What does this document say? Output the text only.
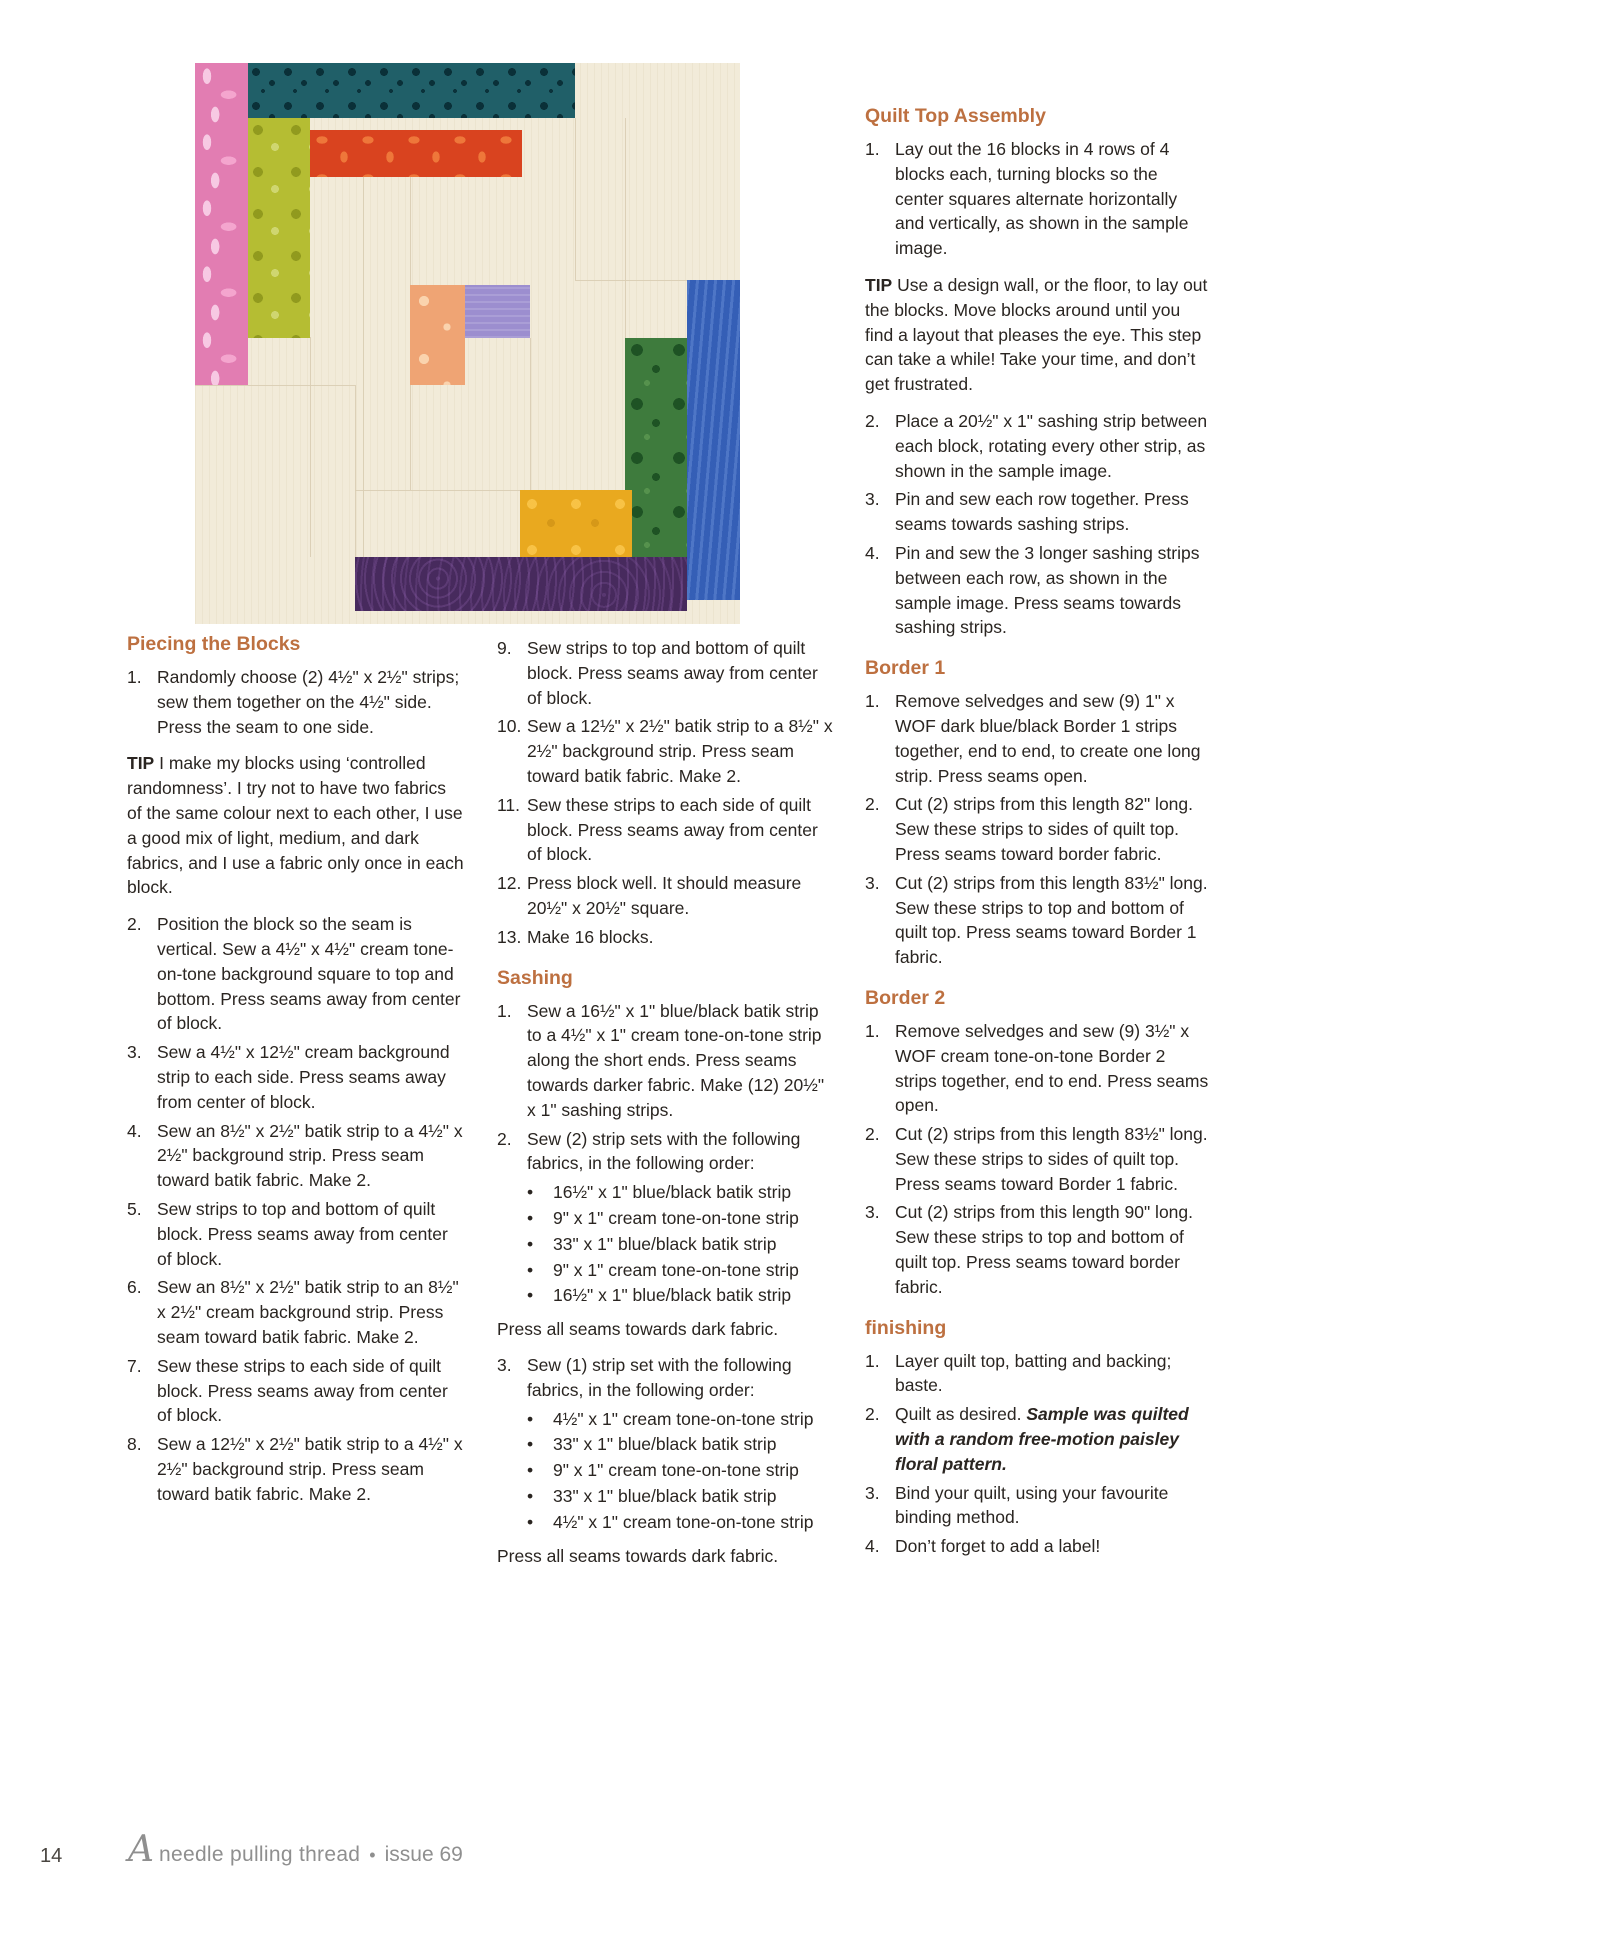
Piecing the Blocks
1. Randomly choose (2) 4½" x 2½" strips; sew them together on the 4½" side. Press the seam to one side.

TIP I make my blocks using ‘controlled randomness’. I try not to have two fabrics of the same colour next to each other, I use a good mix of light, medium, and dark fabrics, and I use a fabric only once in each block.

2. Position the block so the seam is vertical. Sew a 4½" x 4½" cream tone-on-tone background square to top and bottom. Press seams away from center of block.
3. Sew a 4½" x 12½" cream background strip to each side. Press seams away from center of block.
4. Sew an 8½" x 2½" batik strip to a 4½" x 2½" background strip. Press seam toward batik fabric. Make 2.
5. Sew strips to top and bottom of quilt block. Press seams away from center of block.
6. Sew an 8½" x 2½" batik strip to an 8½" x 2½" cream background strip. Press seam toward batik fabric. Make 2.
7. Sew these strips to each side of quilt block. Press seams away from center of block.
8. Sew a 12½" x 2½" batik strip to a 4½" x 2½" background strip. Press seam toward batik fabric. Make 2.
9. Sew strips to top and bottom of quilt block. Press seams away from center of block.
10. Sew a 12½" x 2½" batik strip to a 8½" x 2½" background strip. Press seam toward batik fabric. Make 2.
11. Sew these strips to each side of quilt block. Press seams away from center of block.
12. Press block well. It should measure 20½" x 20½" square.
13. Make 16 blocks.
Sashing
1. Sew a 16½" x 1" blue/black batik strip to a 4½" x 1" cream tone-on-tone strip along the short ends. Press seams towards darker fabric. Make (12) 20½" x 1" sashing strips.
2. Sew (2) strip sets with the following fabrics, in the following order:
•	16½" x 1" blue/black batik strip
•	9" x 1" cream tone-on-tone strip
•	33" x 1" blue/black batik strip
•	9" x 1" cream tone-on-tone strip
•	16½" x 1" blue/black batik strip

Press all seams towards dark fabric.

3. Sew (1) strip set with the following fabrics, in the following order:
•	4½" x 1" cream tone-on-tone strip
•	33" x 1" blue/black batik strip
•	9" x 1" cream tone-on-tone strip
•	33" x 1" blue/black batik strip
•	4½" x 1" cream tone-on-tone strip

Press all seams towards dark fabric.

Quilt Top Assembly
1. Lay out the 16 blocks in 4 rows of 4 blocks each, turning blocks so the center squares alternate horizontally and vertically, as shown in the sample image.

TIP Use a design wall, or the floor, to lay out the blocks. Move blocks around until you find a layout that pleases the eye. This step can take a while! Take your time, and don’t get frustrated.

2. Place a 20½" x 1" sashing strip between each block, rotating every other strip, as shown in the sample image.
3. Pin and sew each row together. Press seams towards sashing strips.
4. Pin and sew the 3 longer sashing strips between each row, as shown in the sample image. Press seams towards sashing strips.
Border 1
1. Remove selvedges and sew (9) 1" x WOF dark blue/black Border 1 strips together, end to end, to create one long strip. Press seams open.
2. Cut (2) strips from this length 82" long. Sew these strips to sides of quilt top. Press seams toward border fabric.
3. Cut (2) strips from this length 83½" long. Sew these strips to top and bottom of quilt top. Press seams toward Border 1 fabric.
Border 2
1. Remove selvedges and sew (9) 3½" x WOF cream tone-on-tone Border 2 strips together, end to end. Press seams open.
2. Cut (2) strips from this length 83½" long. Sew these strips to sides of quilt top. Press seams toward Border 1 fabric.
3. Cut (2) strips from this length 90" long. Sew these strips to top and bottom of quilt top. Press seams toward border fabric.
finishing
1. Layer quilt top, batting and backing; baste.
2. Quilt as desired. Sample was quilted with a random free-motion paisley floral pattern.
3. Bind your quilt, using your favourite binding method.
4. Don’t forget to add a label!
14 A needle pulling thread • issue 69
